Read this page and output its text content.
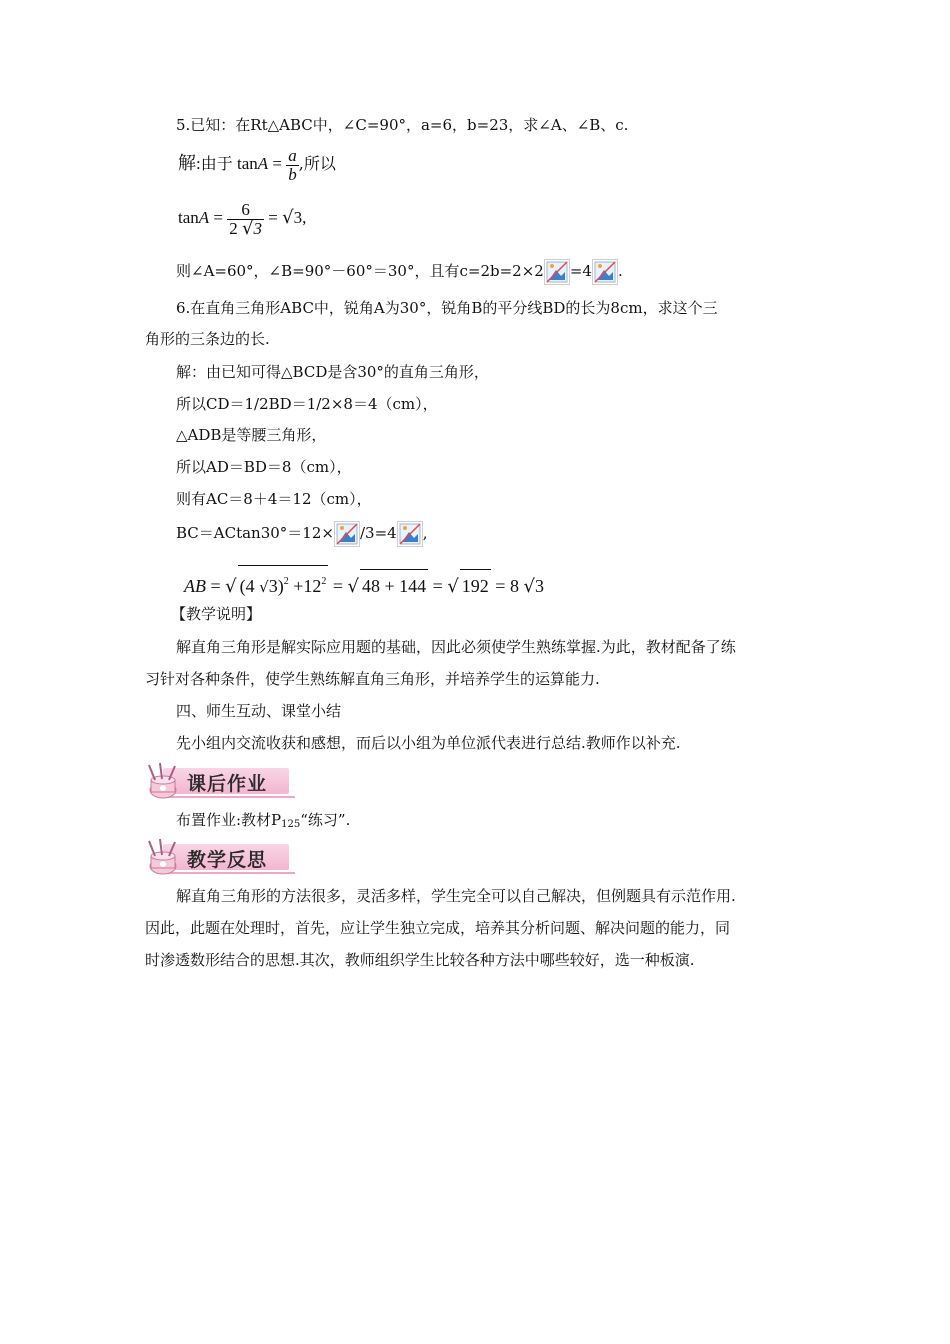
5.已知：在Rt△ABC中，∠C=90°，a=6，b=23，求∠A、∠B、c.
解:由于 $\tan A = \frac{a}{b}$ ,所以
$\tan A = \frac{6}{2 √3} = √3$,
则∠A=60°，∠B=90°－60°＝30°，且有c=2b=2×2 =4 .
6.在直角三角形ABC中，锐角A为30°，锐角B的平分线BD的长为8cm，求这个三
角形的三条边的长.
解：由已知可得△BCD是含30°的直角三角形，
所以CD＝1/2BD＝1/2×8＝4（cm），
△ADB是等腰三角形，
所以AD＝BD＝8（cm），
则有AC＝8＋4＝12（cm），
BC＝ACtan30°＝12× /3=4 ,
AB = √ (4 $√3)^2 +12^2$ = √ 48 + 144 = √ 192 = 8 √3
【教学说明】
解直角三角形是解实际应用题的基础，因此必须使学生熟练掌握.为此，教材配备了练
习针对各种条件，使学生熟练解直角三角形，并培养学生的运算能力.
四、师生互动、课堂小结
先小组内交流收获和感想，而后以小组为单位派代表进行总结.教师作以补充.
课后作业
布置作业:教材$P_{125}“$练习”.
教学反思
解直角三角形的方法很多，灵活多样，学生完全可以自己解决，但例题具有示范作用.
因此，此题在处理时，首先，应让学生独立完成，培养其分析问题、解决问题的能力，同
时渗透数形结合的思想.其次，教师组织学生比较各种方法中哪些较好，选一种板演.
